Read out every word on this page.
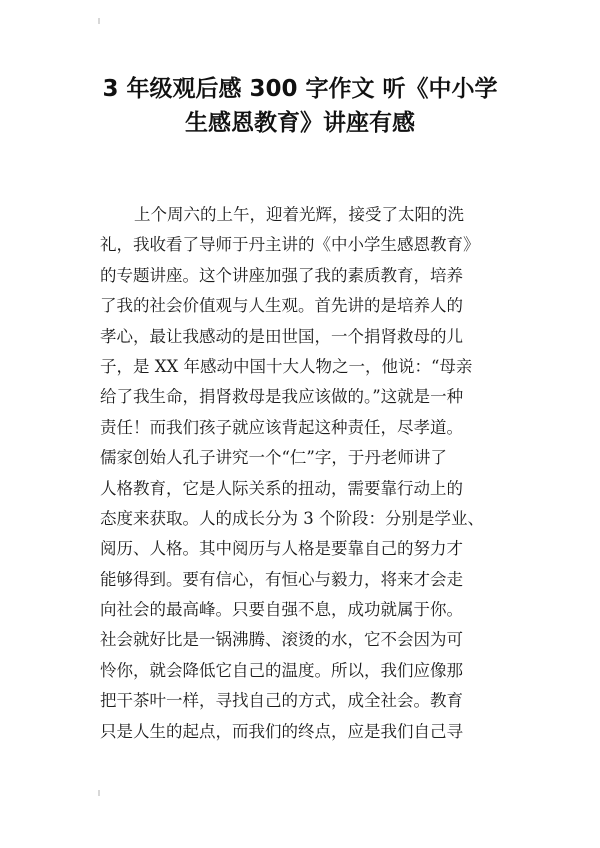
3 年级观后感 300 字作文 听《中小学
生感恩教育》讲座有感
上个周六的上午，迎着光辉，接受了太阳的洗
礼，我收看了导师于丹主讲的《中小学生感恩教育》
的专题讲座。这个讲座加强了我的素质教育，培养
了我的社会价值观与人生观。首先讲的是培养人的
孝心，最让我感动的是田世国，一个捐肾救母的儿
子，是 XX 年感动中国十大人物之一，他说：“母亲
给了我生命，捐肾救母是我应该做的。”这就是一种
责任！而我们孩子就应该背起这种责任，尽孝道。
儒家创始人孔子讲究一个“仁”字，于丹老师讲了
人格教育，它是人际关系的扭动，需要靠行动上的
态度来获取。人的成长分为 3 个阶段：分别是学业、
阅历、人格。其中阅历与人格是要靠自己的努力才
能够得到。要有信心，有恒心与毅力，将来才会走
向社会的最高峰。只要自强不息，成功就属于你。
社会就好比是一锅沸腾、滚烫的水，它不会因为可
怜你，就会降低它自己的温度。所以，我们应像那
把干茶叶一样，寻找自己的方式，成全社会。教育
只是人生的起点，而我们的终点，应是我们自己寻
